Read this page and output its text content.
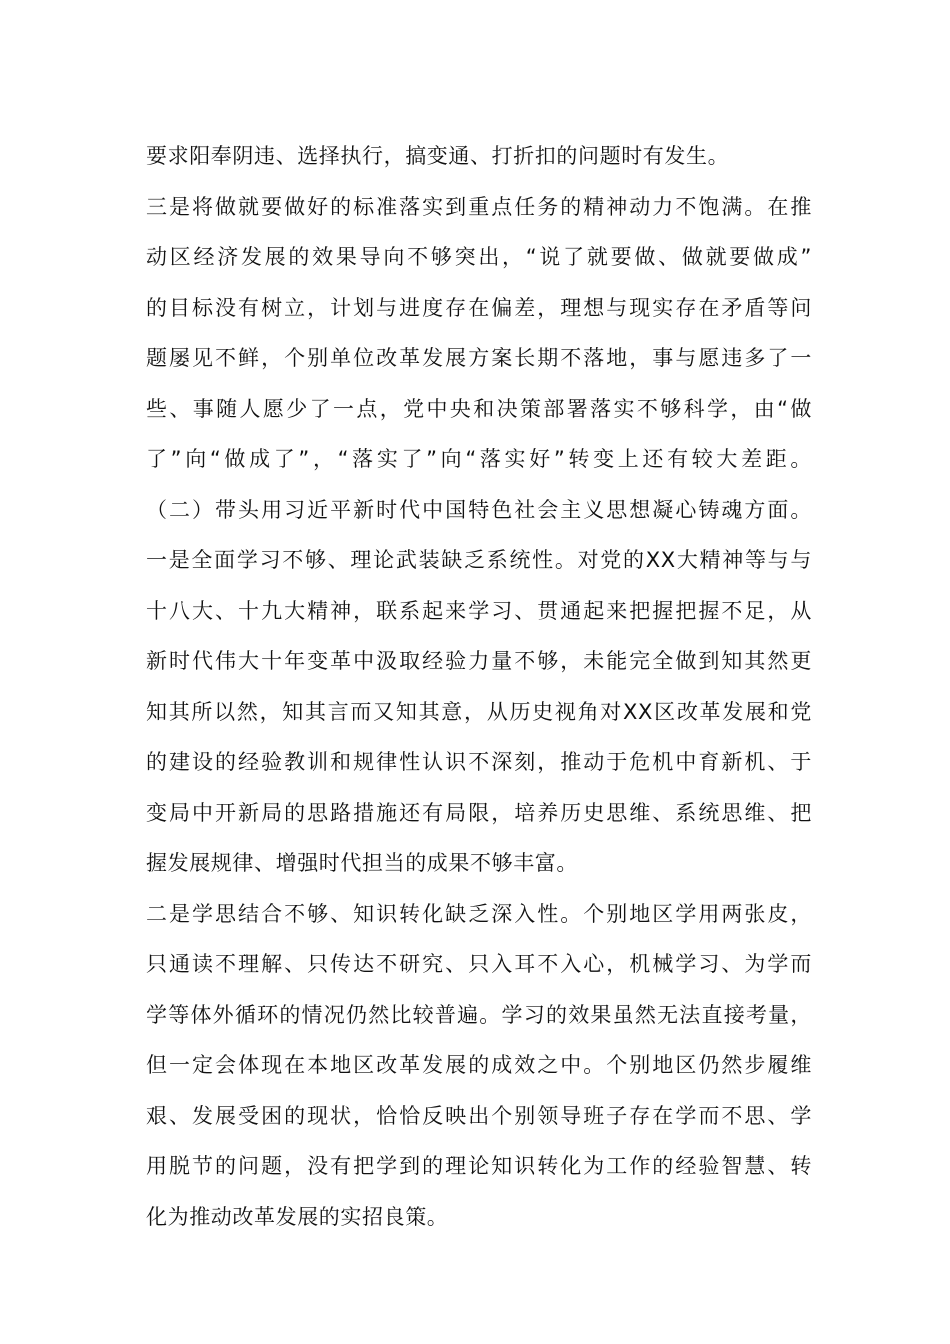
要求阳奉阴违、选择执行，搞变通、打折扣的问题时有发生。
三是将做就要做好的标准落实到重点任务的精神动力不饱满。在推
动区经济发展的效果导向不够突出，“说了就要做、做就要做成”
的目标没有树立，计划与进度存在偏差，理想与现实存在矛盾等问
题屡见不鲜，个别单位改革发展方案长期不落地，事与愿违多了一
些、事随人愿少了一点，党中央和决策部署落实不够科学，由“做
了”向“做成了”，“落实了”向“落实好”转变上还有较大差距。
（二）带头用习近平新时代中国特色社会主义思想凝心铸魂方面。
一是全面学习不够、理论武装缺乏系统性。对党的XX大精神等与与
十八大、十九大精神，联系起来学习、贯通起来把握把握不足，从
新时代伟大十年变革中汲取经验力量不够，未能完全做到知其然更
知其所以然，知其言而又知其意，从历史视角对XX区改革发展和党
的建设的经验教训和规律性认识不深刻，推动于危机中育新机、于
变局中开新局的思路措施还有局限，培养历史思维、系统思维、把
握发展规律、增强时代担当的成果不够丰富。
二是学思结合不够、知识转化缺乏深入性。个别地区学用两张皮，
只通读不理解、只传达不研究、只入耳不入心，机械学习、为学而
学等体外循环的情况仍然比较普遍。学习的效果虽然无法直接考量，
但一定会体现在本地区改革发展的成效之中。个别地区仍然步履维
艰、发展受困的现状，恰恰反映出个别领导班子存在学而不思、学
用脱节的问题，没有把学到的理论知识转化为工作的经验智慧、转
化为推动改革发展的实招良策。
